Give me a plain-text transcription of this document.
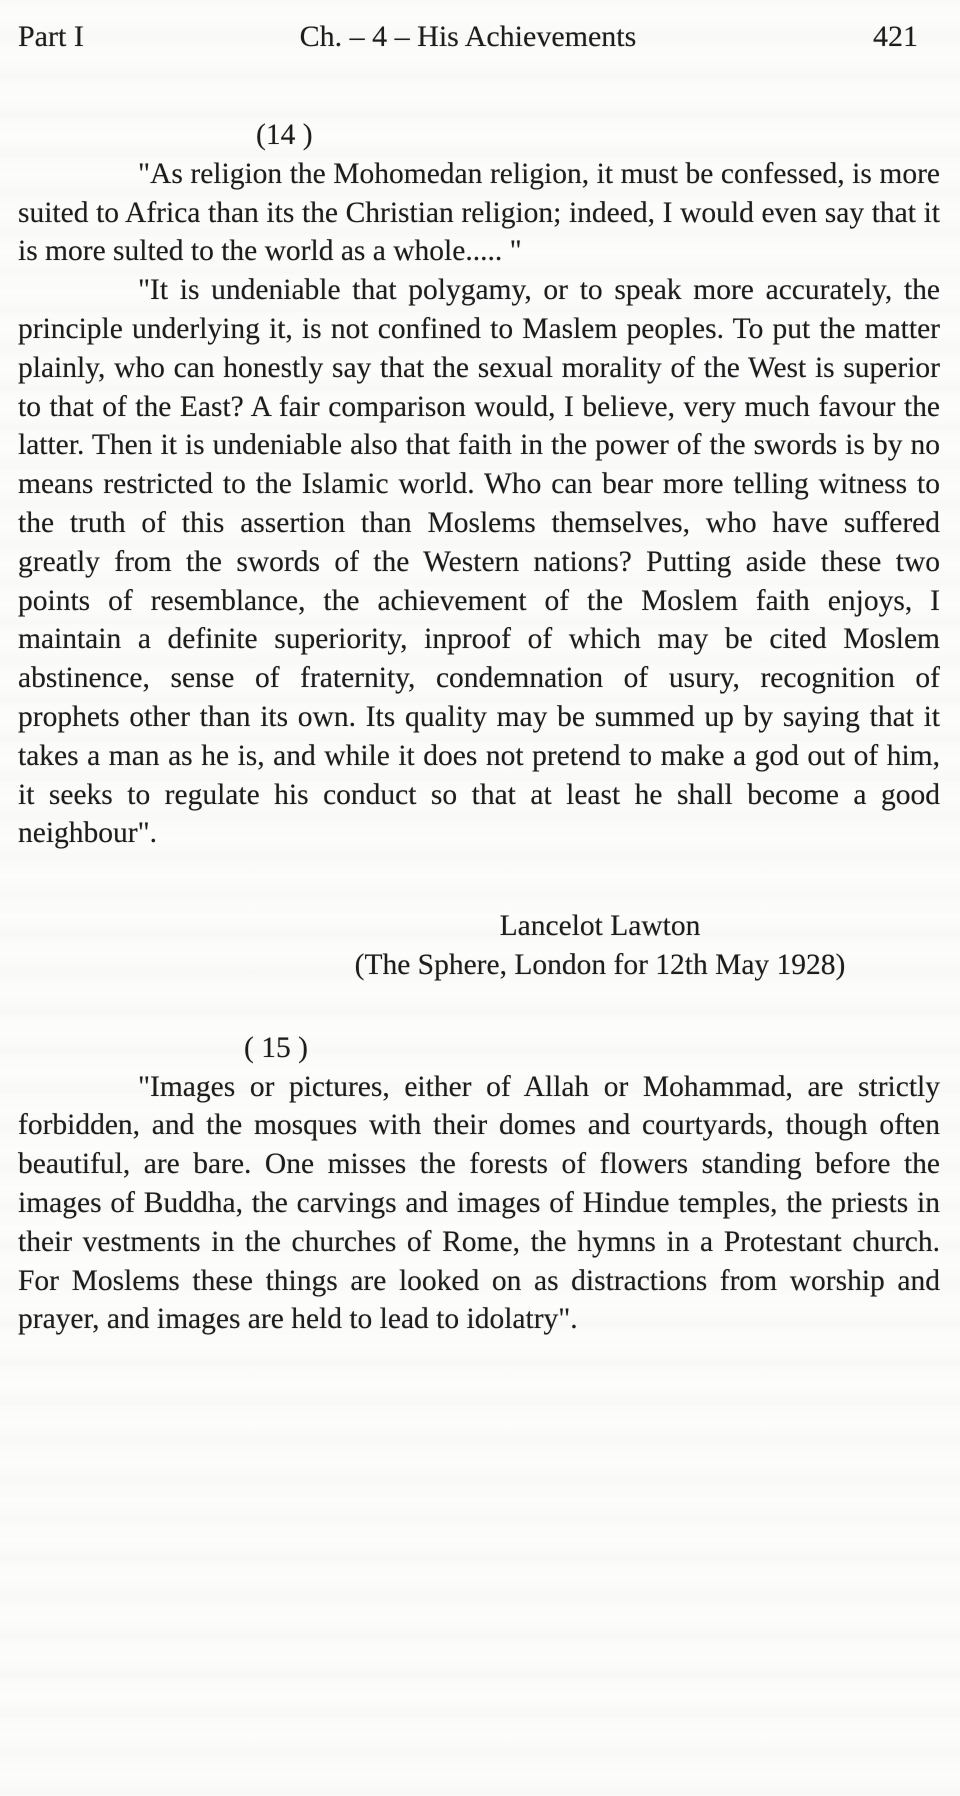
Part I	Ch. – 4 – His Achievements	421
(14 )

"As religion the Mohomedan religion, it must be confessed, is more suited to Africa than its the Christian religion; indeed, I would even say that it is more sulted to the world as a whole..... "

"It is undeniable that polygamy, or to speak more accurately, the principle underlying it, is not confined to Maslem peoples. To put the matter plainly, who can honestly say that the sexual morality of the West is superior to that of the East? A fair comparison would, I believe, very much favour the latter. Then it is undeniable also that faith in the power of the swords is by no means restricted to the Islamic world. Who can bear more telling witness to the truth of this assertion than Moslems themselves, who have suffered greatly from the swords of the Western nations? Putting aside these two points of resemblance, the achievement of the Moslem faith enjoys, I maintain a definite superiority, inproof of which may be cited Moslem abstinence, sense of fraternity, condemnation of usury, recognition of prophets other than its own. Its quality may be summed up by saying that it takes a man as he is, and while it does not pretend to make a god out of him, it seeks to regulate his conduct so that at least he shall become a good neighbour".

Lancelot Lawton
(The Sphere, London for 12th May 1928)
( 15 )

"Images or pictures, either of Allah or Mohammad, are strictly forbidden, and the mosques with their domes and courtyards, though often beautiful, are bare. One misses the forests of flowers standing before the images of Buddha, the carvings and images of Hindue temples, the priests in their vestments in the churches of Rome, the hymns in a Protestant church. For Moslems these things are looked on as distractions from worship and prayer, and images are held to lead to idolatry".
